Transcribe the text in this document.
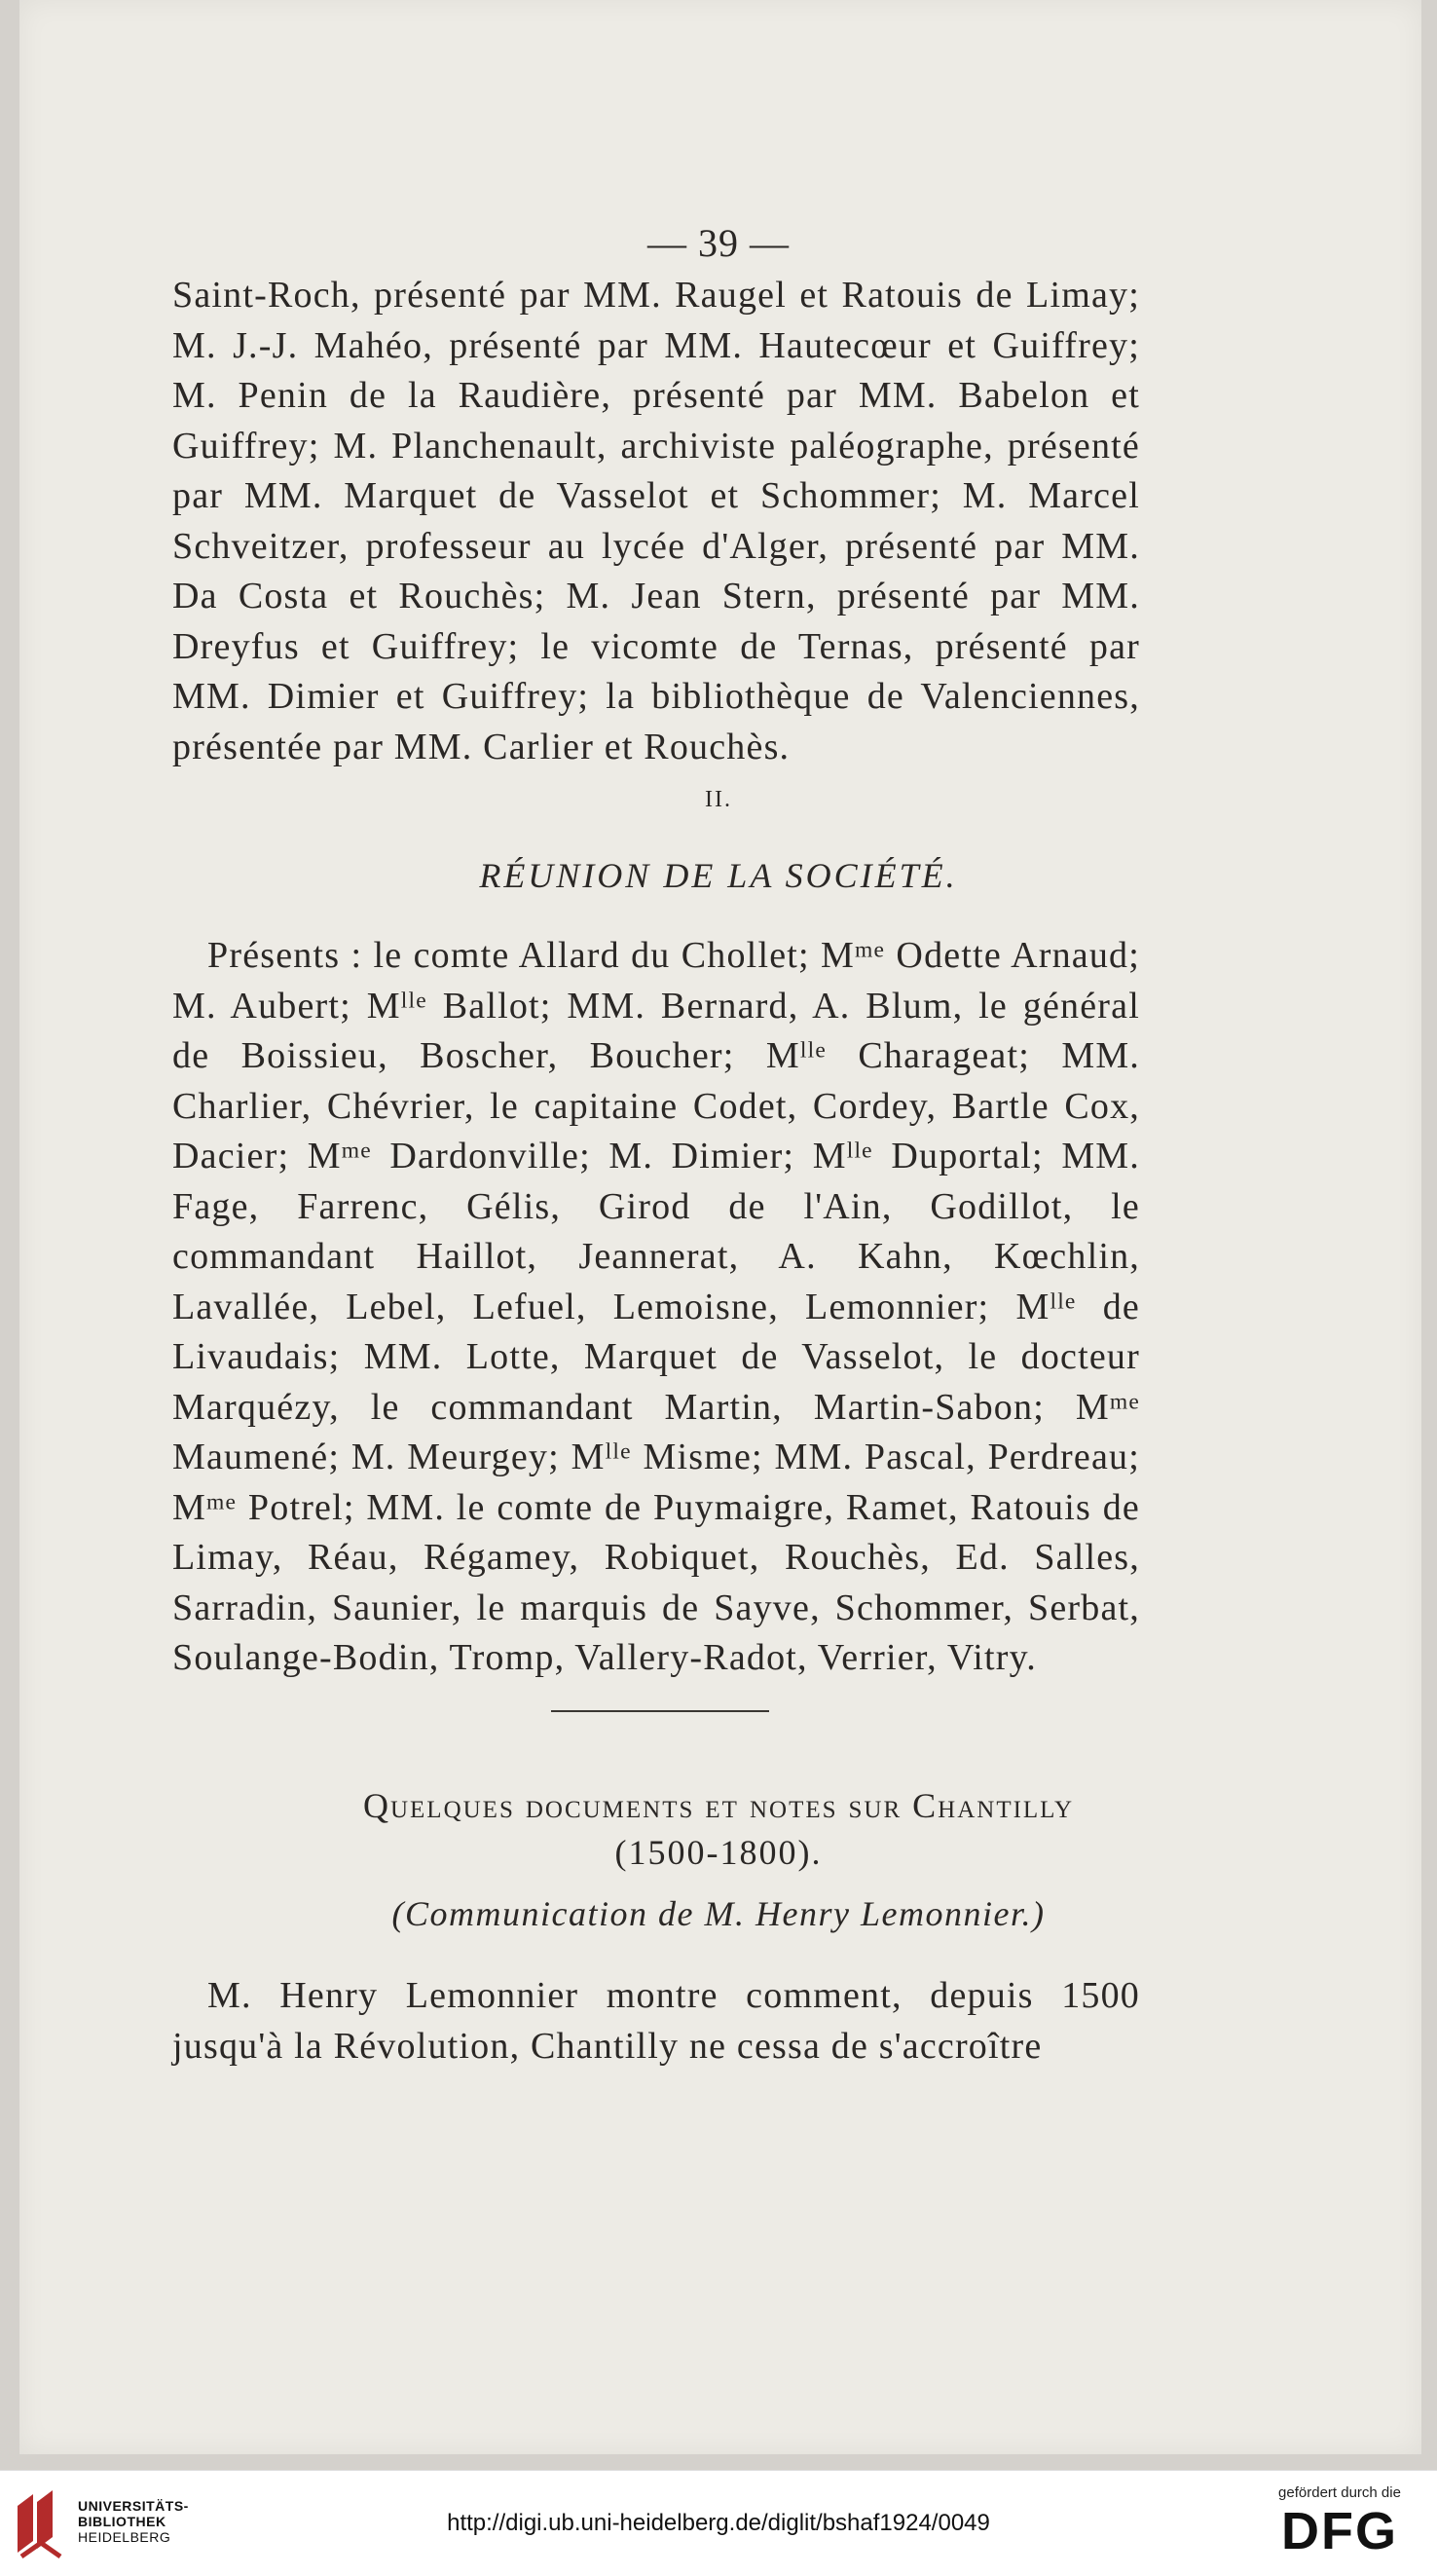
— 39 —

Saint-Roch, présenté par MM. Raugel et Ratouis de Limay; M. J.-J. Mahéo, présenté par MM. Hautecœur et Guiffrey; M. Penin de la Raudière, présenté par MM. Babelon et Guiffrey; M. Planchenault, archiviste paléographe, présenté par MM. Marquet de Vasselot et Schommer; M. Marcel Schveitzer, professeur au lycée d'Alger, présenté par MM. Da Costa et Rouchès; M. Jean Stern, présenté par MM. Dreyfus et Guiffrey; le vicomte de Ternas, présenté par MM. Dimier et Guiffrey; la bibliothèque de Valenciennes, présentée par MM. Carlier et Rouchès.

II.
RÉUNION DE LA SOCIÉTÉ.

Présents : le comte Allard du Chollet; $M^{me}$ Odette Arnaud; M. Aubert; $M^{lle}$ Ballot; MM. Bernard, A. Blum, le général de Boissieu, Boscher, Boucher; $M^{lle}$ Charageat; MM. Charlier, Chévrier, le capitaine Codet, Cordey, Bartle Cox, Dacier; $M^{me}$ Dardonville; M. Dimier; $M^{lle}$ Duportal; MM. Fage, Farrenc, Gélis, Girod de l'Ain, Godillot, le commandant Haillot, Jeannerat, A. Kahn, Kœchlin, Lavallée, Lebel, Lefuel, Lemoisne, Lemonnier; $M^{lle}$ de Livaudais; MM. Lotte, Marquet de Vasselot, le docteur Marquézy, le commandant Martin, Martin-Sabon; $M^{me}$ Maumené; M. Meurgey; $M^{lle}$ Misme; MM. Pascal, Perdreau; $M^{me}$ Potrel; MM. le comte de Puymaigre, Ramet, Ratouis de Limay, Réau, Régamey, Robiquet, Rouchès, Ed. Salles, Sarradin, Saunier, le marquis de Sayve, Schommer, Serbat, Soulange-Bodin, Tromp, Vallery-Radot, Verrier, Vitry.

Quelques documents et notes sur Chantilly
(1500-1800).
(Communication de M. Henry Lemonnier.)

M. Henry Lemonnier montre comment, depuis 1500 jusqu'à la Révolution, Chantilly ne cessa de s'accroître

UNIVERSITÄTS-
BIBLIOTHEK
HEIDELBERG
http://digi.ub.uni-heidelberg.de/diglit/bshaf1924/0049
gefördert durch die
DFG
